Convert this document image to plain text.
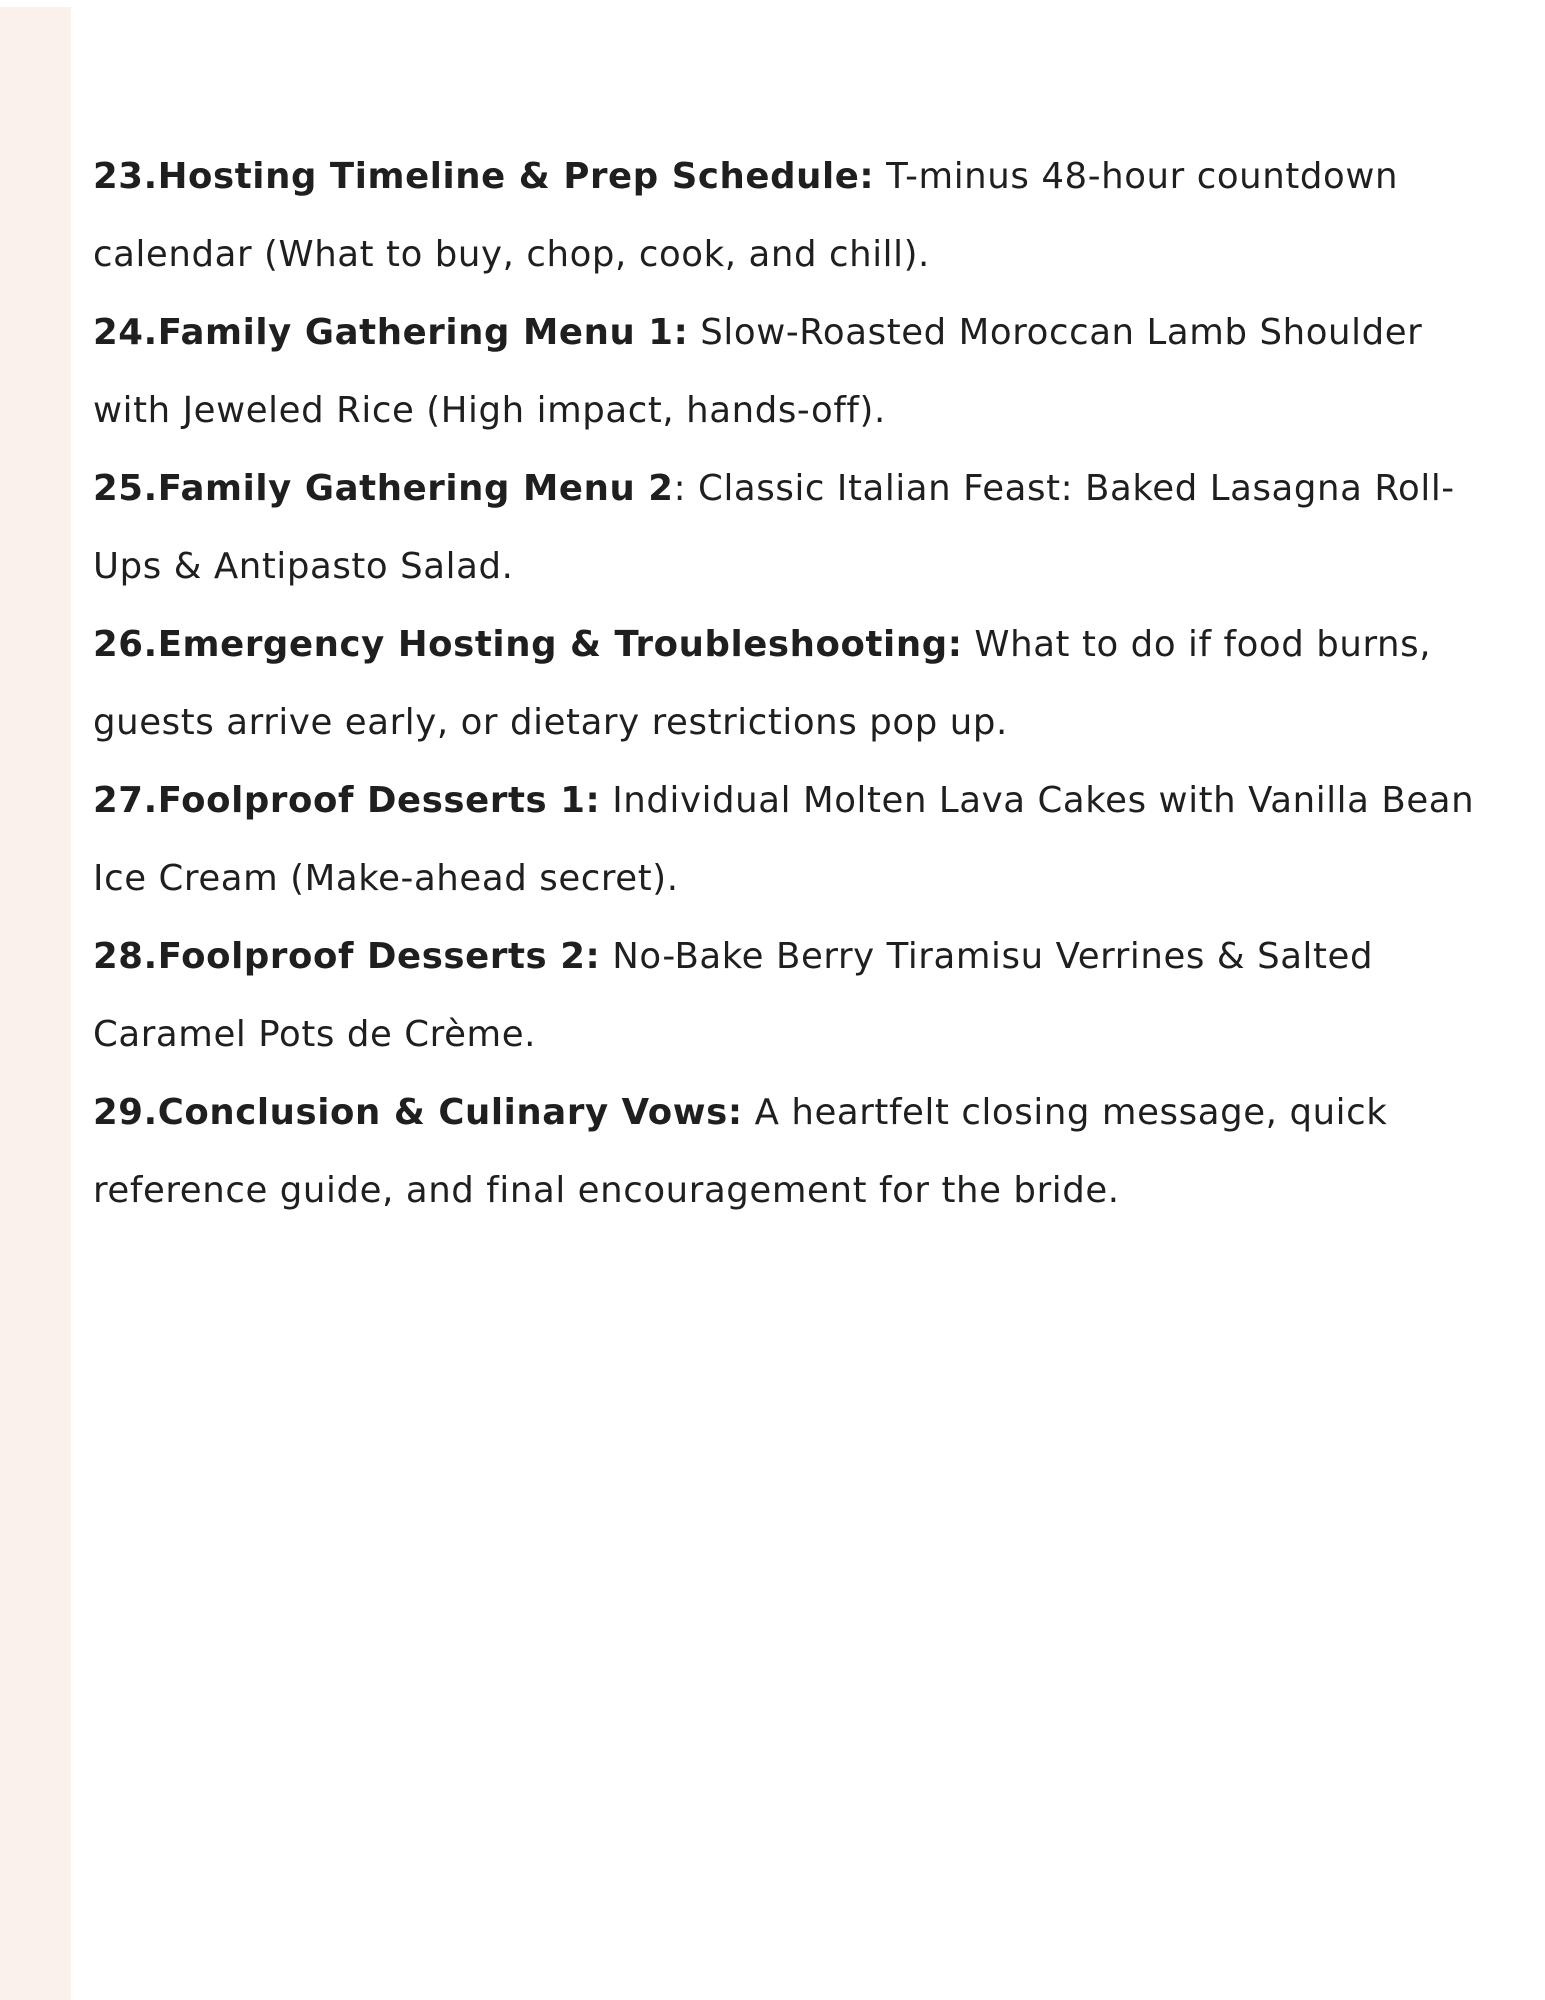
23.Hosting Timeline & Prep Schedule: T-minus 48-hour countdown
calendar (What to buy, chop, cook, and chill).

24.Family Gathering Menu 1: Slow-Roasted Moroccan Lamb Shoulder
with Jeweled Rice (High impact, hands-off).

25.Family Gathering Menu 2: Classic Italian Feast: Baked Lasagna Roll-
Ups & Antipasto Salad.

26.Emergency Hosting & Troubleshooting: What to do if food burns,
guests arrive early, or dietary restrictions pop up.

27.Foolproof Desserts 1: Individual Molten Lava Cakes with Vanilla Bean
Ice Cream (Make-ahead secret).

28.Foolproof Desserts 2: No-Bake Berry Tiramisu Verrines & Salted
Caramel Pots de Crème.

29.Conclusion & Culinary Vows: A heartfelt closing message, quick
reference guide, and final encouragement for the bride.
